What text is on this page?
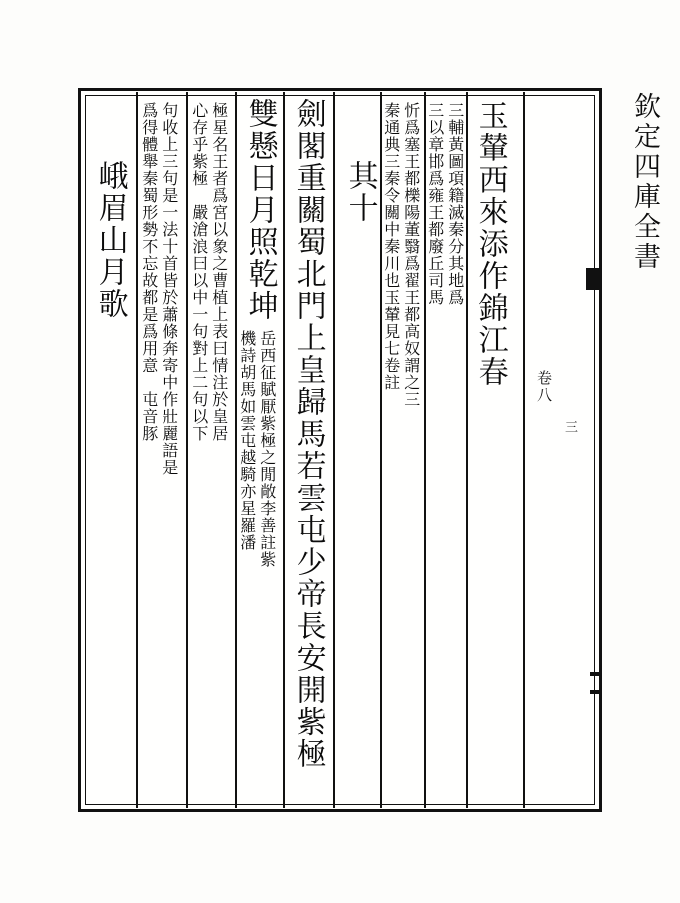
欽定四庫全書
卷八
三
玉輦西來添作錦江春
三輔黃圖項籍滅秦分其地爲
三以章邯爲雍王都廢丘司馬
忻爲塞王都櫟陽董翳爲翟王都高奴謂之三
秦通典三秦令關中秦川也玉輦見七卷註
其十
劍閣重關蜀北門上皇歸馬若雲屯少帝長安開紫極
雙懸日月照乾坤
岳西征賦厭紫極之閒敞李善註紫
機詩胡馬如雲屯越騎亦星羅潘
極星名王者爲宮以象之曹植上表曰情注於皇居
心存乎紫極　嚴滄浪曰以中一句對上二句以下
句收上三句是一法十首皆於蕭條奔寄中作壯麗語是
爲得體舉秦蜀形勢不忘故都是爲用意　屯音豚
峨眉山月歌
